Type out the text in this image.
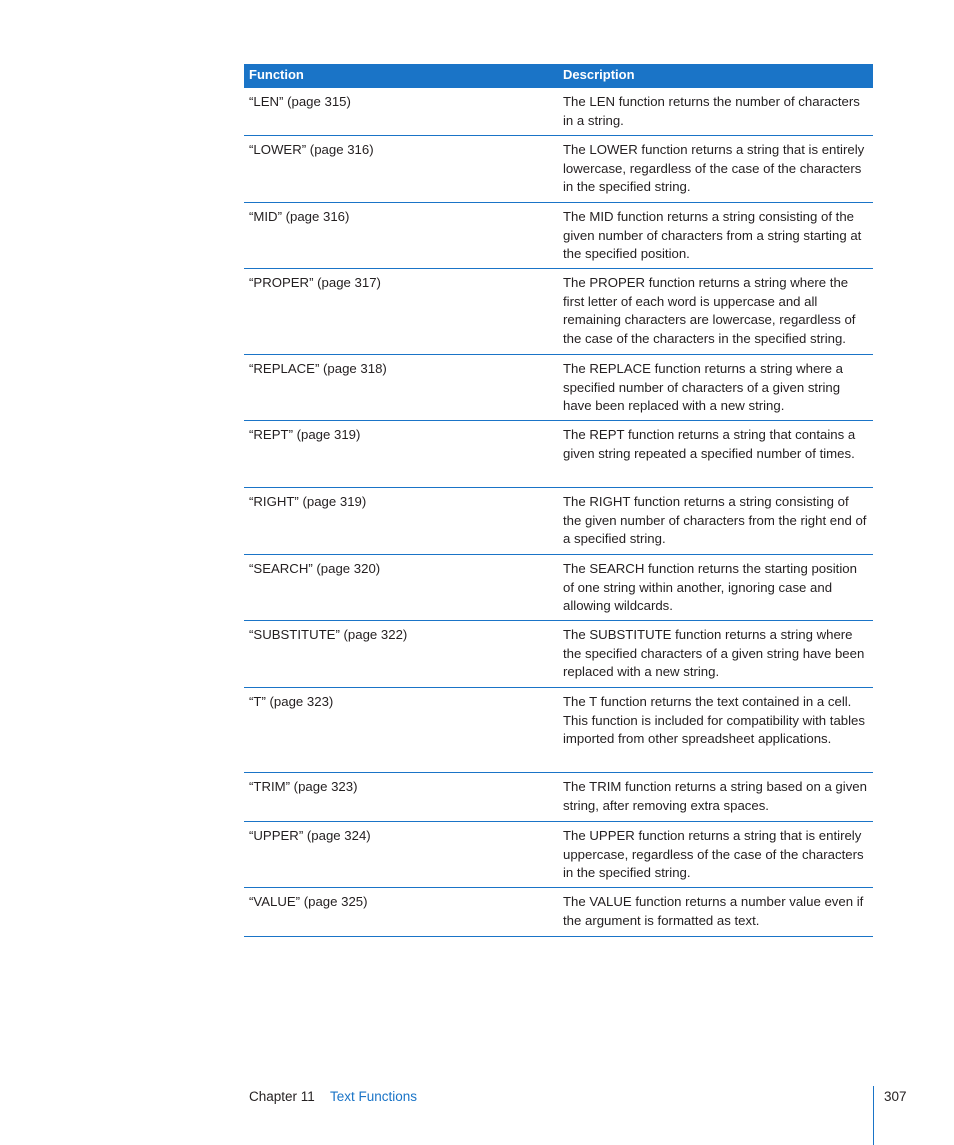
Function	Description
“LEN” (page 315)	The LEN function returns the number of characters in a string.
“LOWER” (page 316)	The LOWER function returns a string that is entirely lowercase, regardless of the case of the characters in the specified string.
“MID” (page 316)	The MID function returns a string consisting of the given number of characters from a string starting at the specified position.
“PROPER” (page 317)	The PROPER function returns a string where the first letter of each word is uppercase and all remaining characters are lowercase, regardless of the case of the characters in the specified string.
“REPLACE” (page 318)	The REPLACE function returns a string where a specified number of characters of a given string have been replaced with a new string.
“REPT” (page 319)	The REPT function returns a string that contains a given string repeated a specified number of times.
“RIGHT” (page 319)	The RIGHT function returns a string consisting of the given number of characters from the right end of a specified string.
“SEARCH” (page 320)	The SEARCH function returns the starting position of one string within another, ignoring case and allowing wildcards.
“SUBSTITUTE” (page 322)	The SUBSTITUTE function returns a string where the specified characters of a given string have been replaced with a new string.
“T” (page 323)	The T function returns the text contained in a cell. This function is included for compatibility with tables imported from other spreadsheet applications.
“TRIM” (page 323)	The TRIM function returns a string based on a given string, after removing extra spaces.
“UPPER” (page 324)	The UPPER function returns a string that is entirely uppercase, regardless of the case of the characters in the specified string.
“VALUE” (page 325)	The VALUE function returns a number value even if the argument is formatted as text.
Chapter 11 Text Functions	307
